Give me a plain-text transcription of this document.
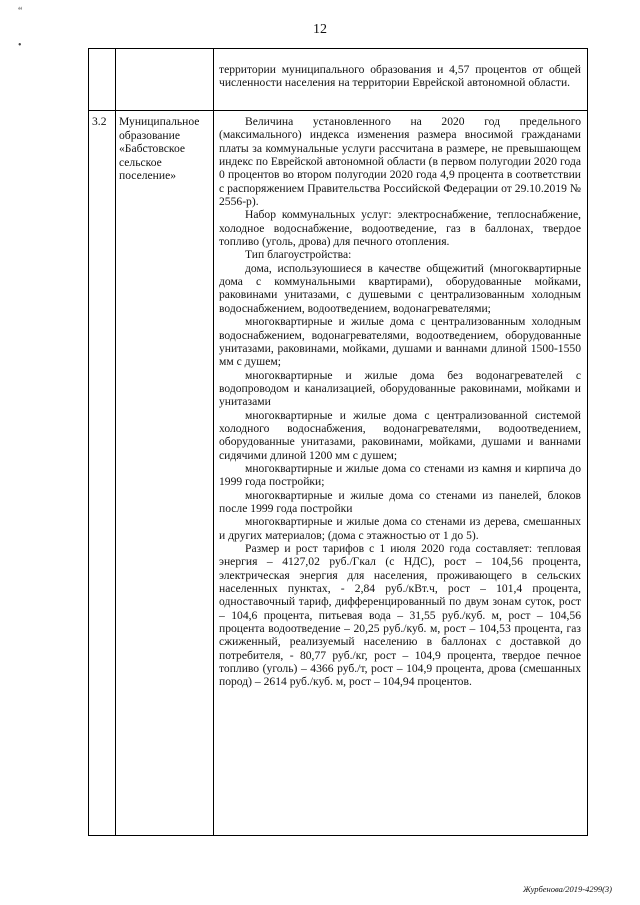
12
“
•

территории муниципального образования и 4,57 процентов от общей численности населения на территории Еврейской автономной области.

3.2 Муниципальное образование «Бабстовское сельское поселение»

Величина установленного на 2020 год предельного (максимального) индекса изменения размера вносимой гражданами платы за коммунальные услуги рассчитана в размере, не превышающем индекс по Еврейской автономной области (в первом полугодии 2020 года 0 процентов во втором полугодии 2020 года 4,9 процента в соответствии с распоряжением Правительства Российской Федерации от 29.10.2019 № 2556-р).

Набор коммунальных услуг: электроснабжение, теплоснабжение, холодное водоснабжение, водоотведение, газ в баллонах, твердое топливо (уголь, дрова) для печного отопления.

Тип благоустройства:

дома, используюшиеся в качестве общежитий (многоквартирные дома с коммунальными квартирами), оборудованные мойками, раковинами унитазами, с душевыми с централизованным холодным водоснабжением, водоотведением, водонагревателями;

многоквартирные и жилые дома с централизованным холодным водоснабжением, водонагревателями, водоотведением, оборудованные унитазами, раковинами, мойками, душами и ваннами длиной 1500-1550 мм с душем;

многоквартирные и жилые дома без водонагревателей с водопроводом и канализацией, оборудованные раковинами, мойками и унитазами

многоквартирные и жилые дома с централизованной системой холодного водоснабжения, водонагревателями, водоотведением, оборудованные унитазами, раковинами, мойками, душами и ваннами сидячими длиной 1200 мм с душем;

многоквартирные и жилые дома со стенами из камня и кирпича до 1999 года постройки;

многоквартирные и жилые дома со стенами из панелей, блоков после 1999 года постройки

многоквартирные и жилые дома со стенами из дерева, смешанных и других материалов; (дома с этажностью от 1 до 5).

Размер и рост тарифов с 1 июля 2020 года составляет: тепловая энергия – 4127,02 руб./Гкал (с НДС), рост – 104,56 процента, электрическая энергия для населения, проживающего в сельских населенных пунктах, - 2,84 руб./кВт.ч, рост – 101,4 процента, одноставочный тариф, дифференцированный по двум зонам суток, рост – 104,6 процента, питьевая вода – 31,55 руб./куб. м, рост – 104,56 процента водоотведение – 20,25 руб./куб. м, рост – 104,53 процента, газ сжиженный, реализуемый населению в баллонах с доставкой до потребителя, - 80,77 руб./кг, рост – 104,9 процента, твердое печное топливо (уголь) – 4366 руб./т, рост – 104,9 процента, дрова (смешанных пород) – 2614 руб./куб. м, рост – 104,94 процентов.

Журбенова/2019-4299(3)
